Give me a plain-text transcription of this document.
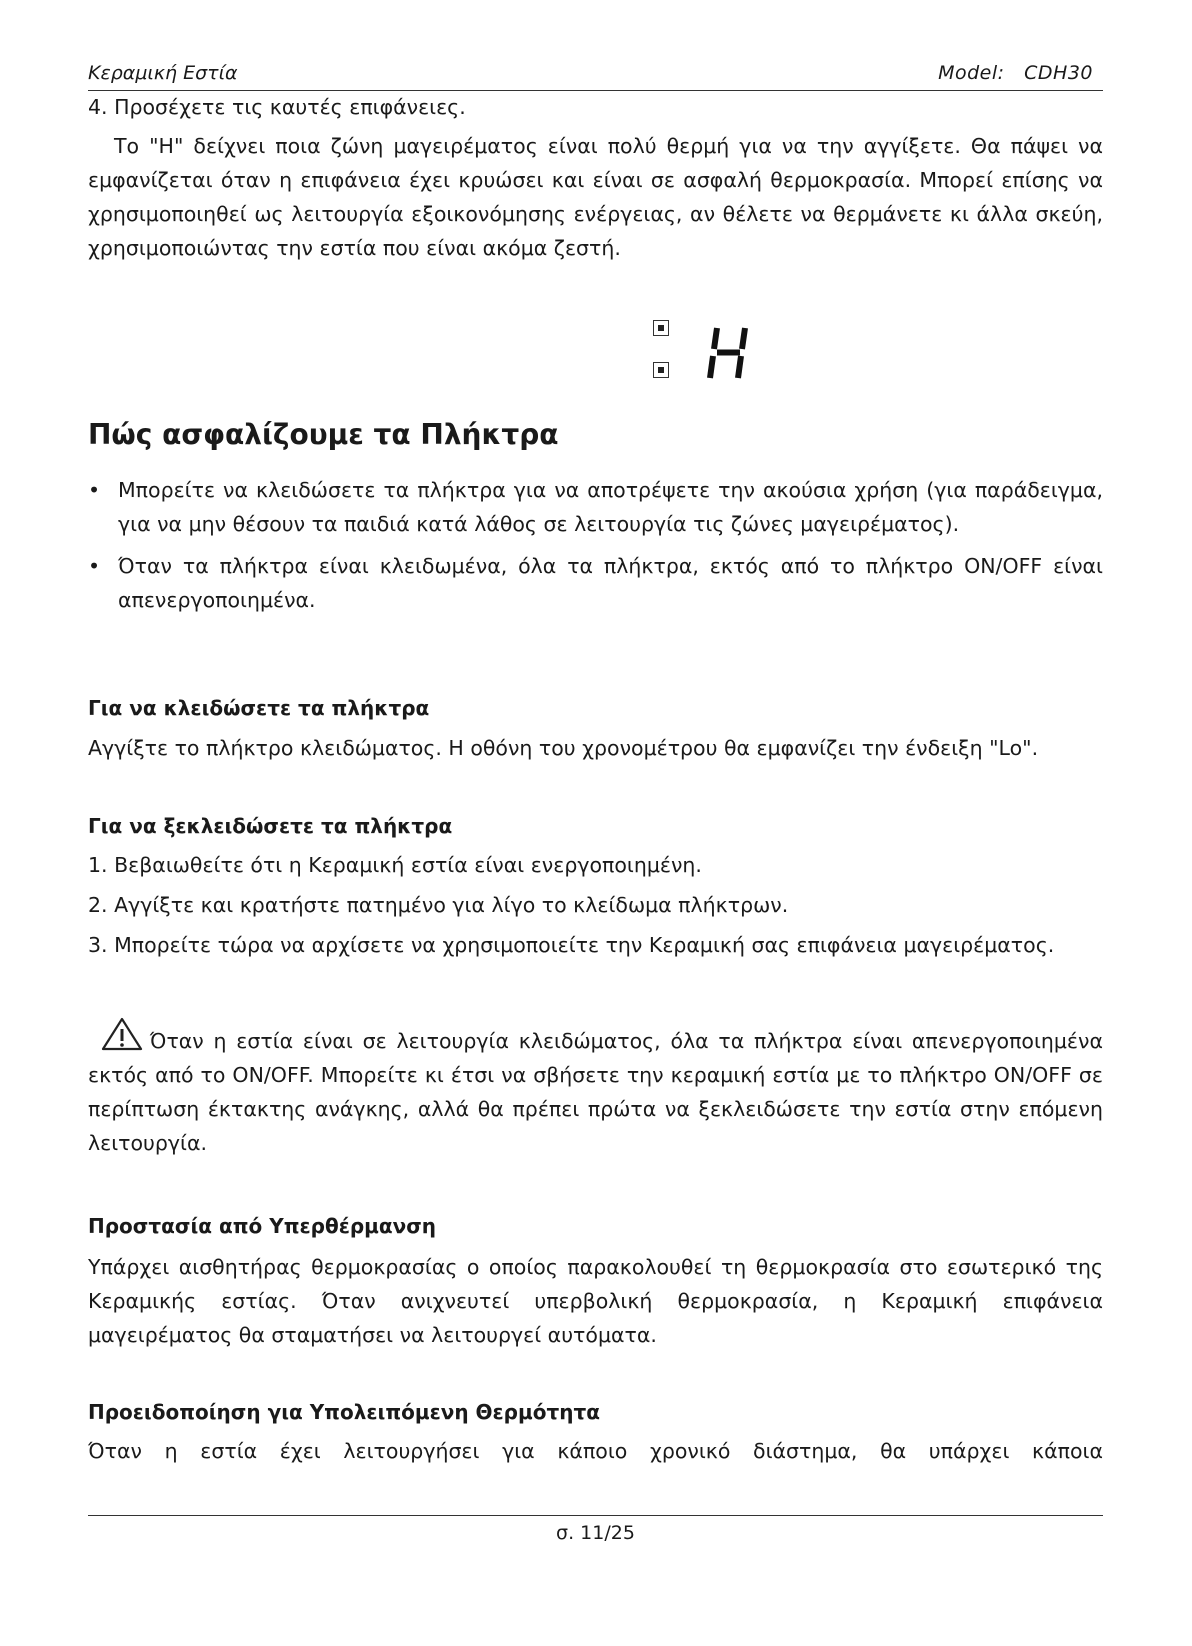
Κεραμική Εστία	Model:   CDH30
4. Προσέχετε τις καυτές επιφάνειες.
Το "H" δείχνει ποια ζώνη μαγειρέματος είναι πολύ θερμή για να την αγγίξετε. Θα πάψει να εμφανίζεται όταν η επιφάνεια έχει κρυώσει και είναι σε ασφαλή θερμοκρασία. Μπορεί επίσης να χρησιμοποιηθεί ως λειτουργία εξοικονόμησης ενέργειας, αν θέλετε να θερμάνετε κι άλλα σκεύη, χρησιμοποιώντας την εστία που είναι ακόμα ζεστή.
Πώς ασφαλίζουμε τα Πλήκτρα
• Μπορείτε να κλειδώσετε τα πλήκτρα για να αποτρέψετε την ακούσια χρήση (για παράδειγμα, για να μην θέσουν τα παιδιά κατά λάθος σε λειτουργία τις ζώνες μαγειρέματος).
• Όταν τα πλήκτρα είναι κλειδωμένα, όλα τα πλήκτρα, εκτός από το πλήκτρο ON/OFF είναι απενεργοποιημένα.
Για να κλειδώσετε τα πλήκτρα
Αγγίξτε το πλήκτρο κλειδώματος. Η οθόνη του χρονομέτρου θα εμφανίζει την ένδειξη "Lo".
Για να ξεκλειδώσετε τα πλήκτρα
1. Βεβαιωθείτε ότι η Κεραμική εστία είναι ενεργοποιημένη.
2. Αγγίξτε και κρατήστε πατημένο για λίγο το κλείδωμα πλήκτρων.
3. Μπορείτε τώρα να αρχίσετε να χρησιμοποιείτε την Κεραμική σας επιφάνεια μαγειρέματος.
Όταν η εστία είναι σε λειτουργία κλειδώματος, όλα τα πλήκτρα είναι απενεργοποιημένα εκτός από το ON/OFF. Μπορείτε κι έτσι να σβήσετε την κεραμική εστία με το πλήκτρο ON/OFF σε περίπτωση έκτακτης ανάγκης, αλλά θα πρέπει πρώτα να ξεκλειδώσετε την εστία στην επόμενη λειτουργία.
Προστασία από Υπερθέρμανση
Υπάρχει αισθητήρας θερμοκρασίας ο οποίος παρακολουθεί τη θερμοκρασία στο εσωτερικό της Κεραμικής εστίας. Όταν ανιχνευτεί υπερβολική θερμοκρασία, η Κεραμική επιφάνεια μαγειρέματος θα σταματήσει να λειτουργεί αυτόματα.
Προειδοποίηση για Υπολειπόμενη Θερμότητα
Όταν η εστία έχει λειτουργήσει για κάποιο χρονικό διάστημα, θα υπάρχει κάποια
σ. 11/25
